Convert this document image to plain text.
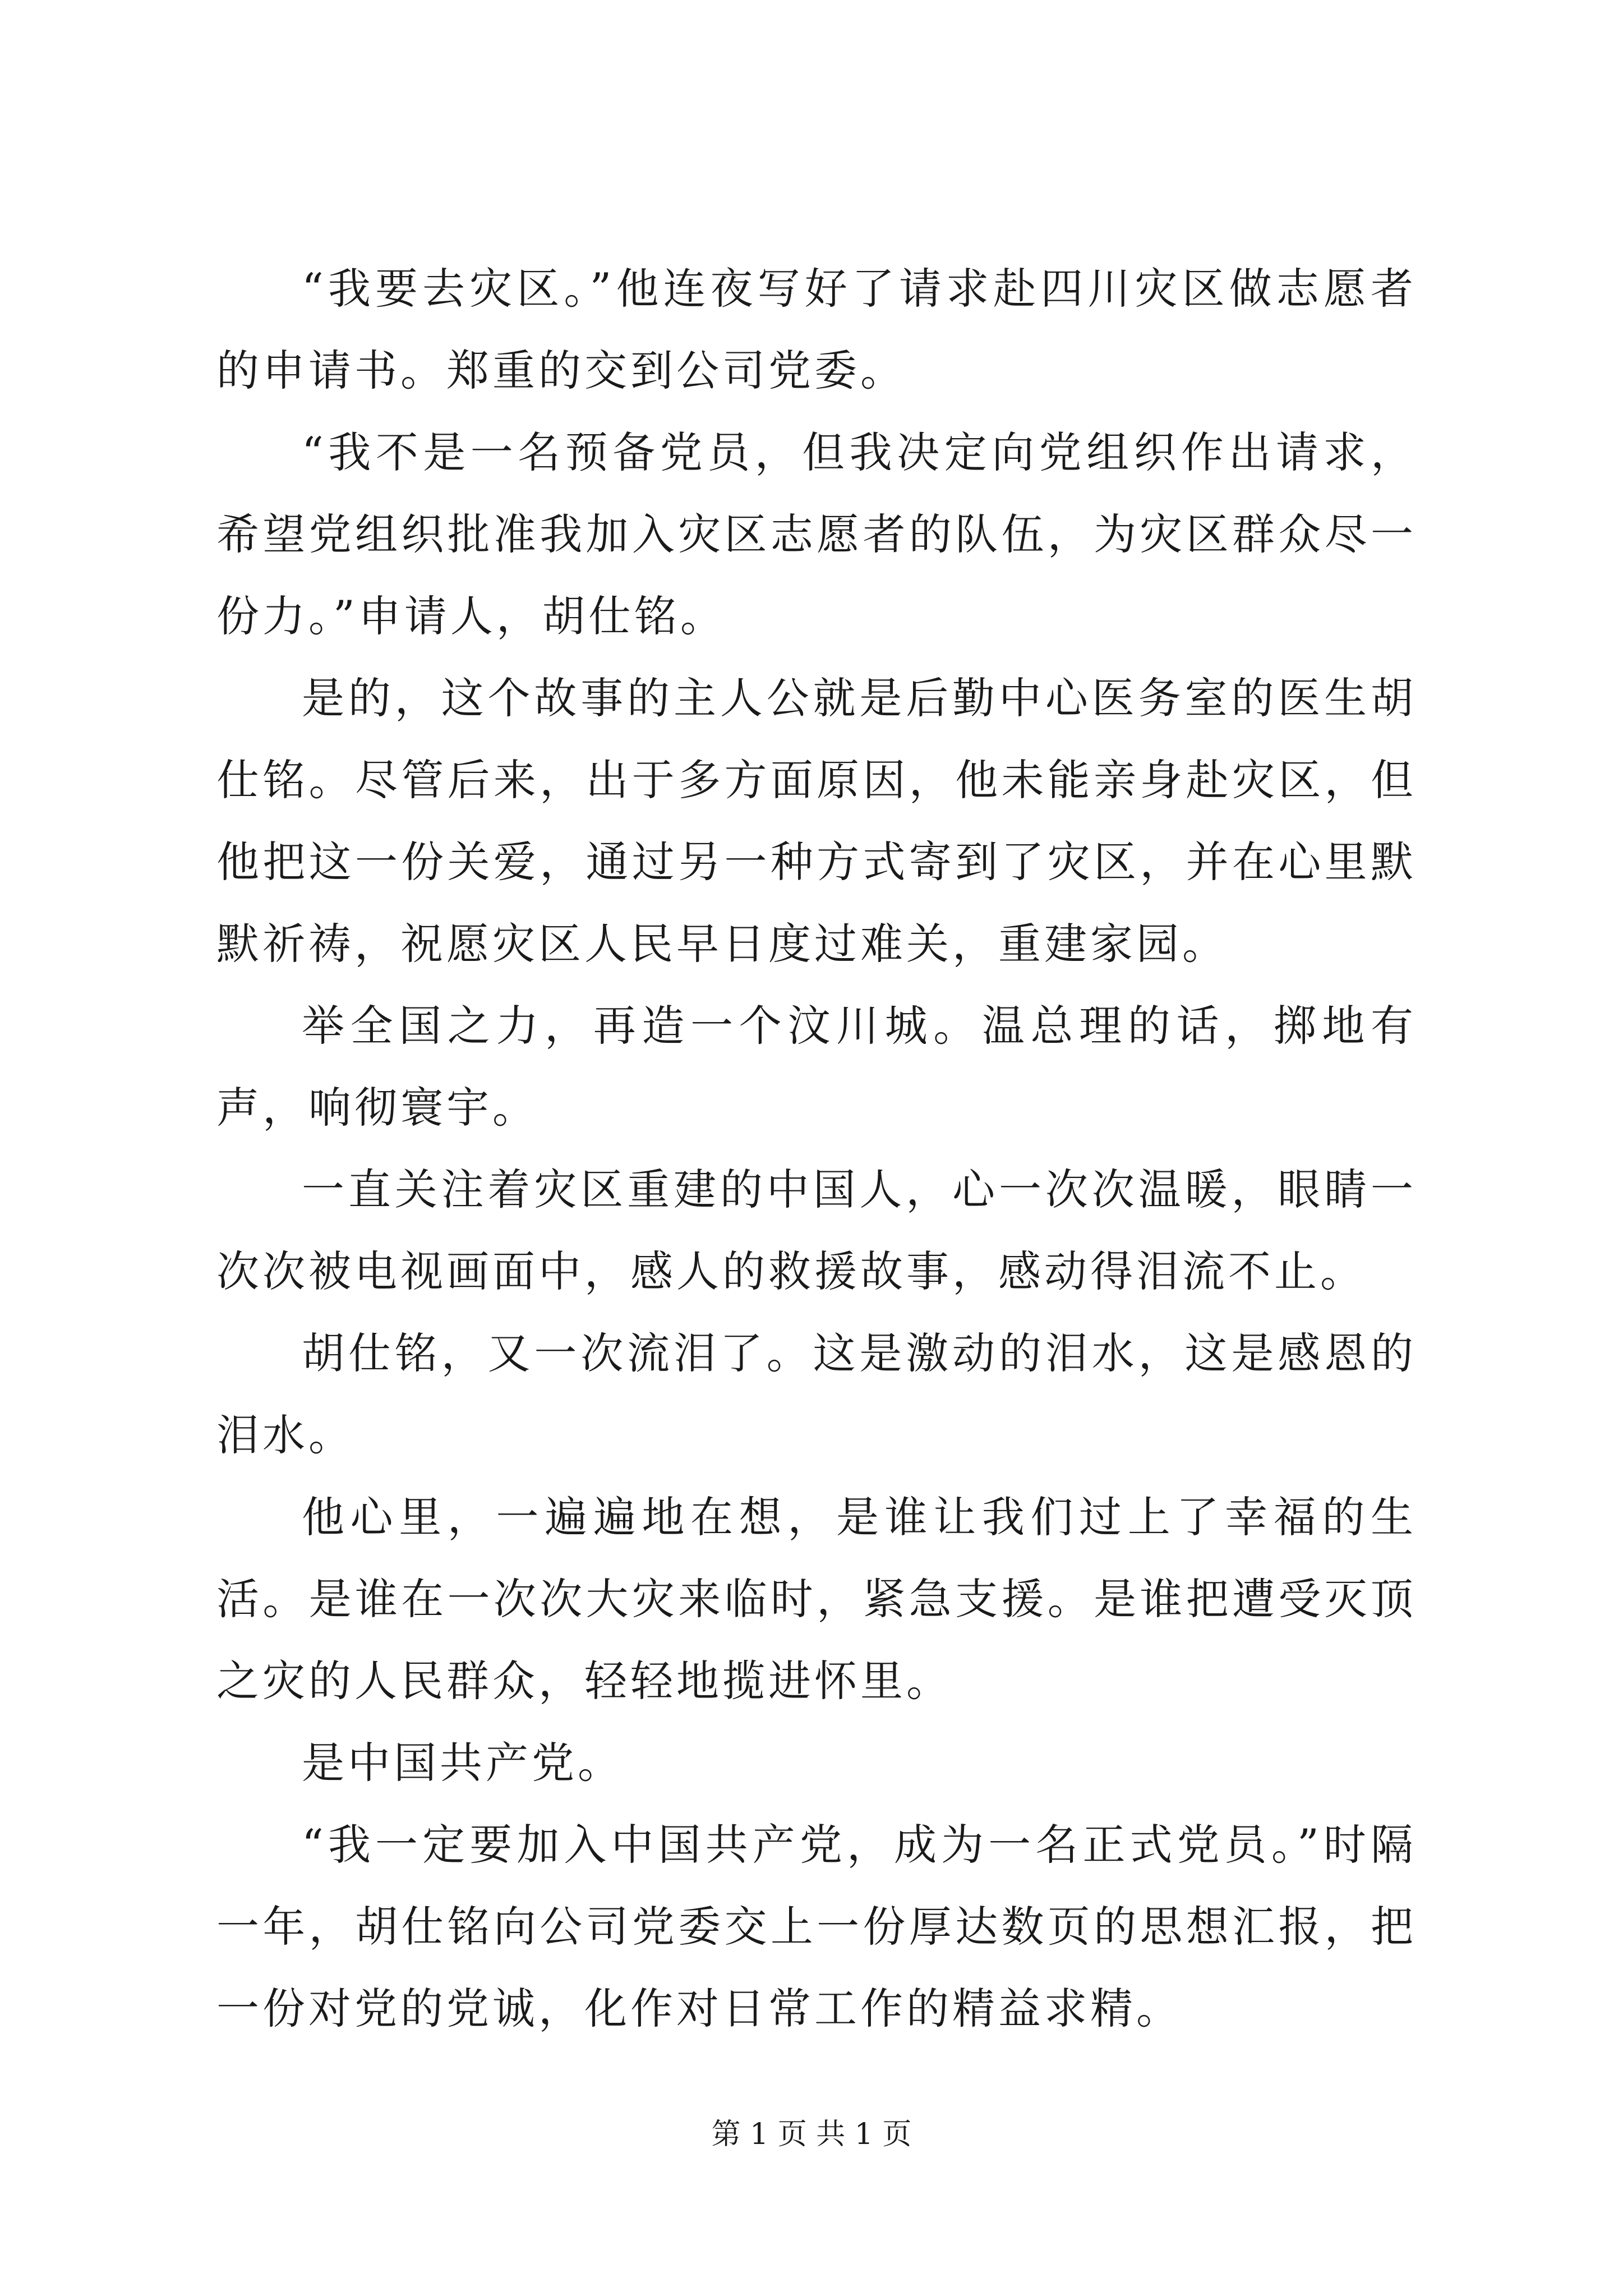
“我要去灾区。”他连夜写好了请求赴四川灾区做志愿者的申请书。郑重的交到公司党委。

“我不是一名预备党员，但我决定向党组织作出请求，希望党组织批准我加入灾区志愿者的队伍，为灾区群众尽一份力。”申请人，胡仕铭。

是的，这个故事的主人公就是后勤中心医务室的医生胡仕铭。尽管后来，出于多方面原因，他未能亲身赴灾区，但他把这一份关爱，通过另一种方式寄到了灾区，并在心里默默祈祷，祝愿灾区人民早日度过难关，重建家园。

举全国之力，再造一个汶川城。温总理的话，掷地有声，响彻寰宇。

一直关注着灾区重建的中国人，心一次次温暖，眼睛一次次被电视画面中，感人的救援故事，感动得泪流不止。

胡仕铭，又一次流泪了。这是激动的泪水，这是感恩的泪水。

他心里，一遍遍地在想，是谁让我们过上了幸福的生活。是谁在一次次大灾来临时，紧急支援。是谁把遭受灭顶之灾的人民群众，轻轻地揽进怀里。

是中国共产党。

“我一定要加入中国共产党，成为一名正式党员。”时隔一年，胡仕铭向公司党委交上一份厚达数页的思想汇报，把一份对党的党诚，化作对日常工作的精益求精。

第 1 页 共 1 页
